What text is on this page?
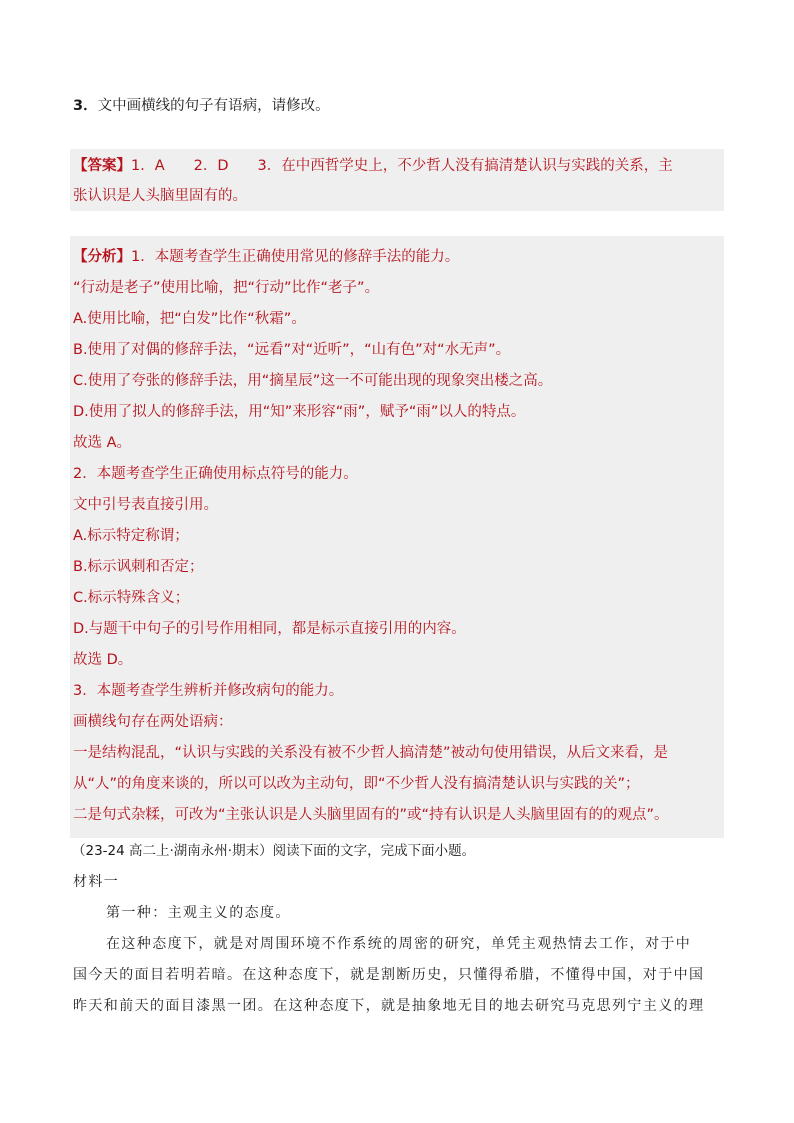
3．文中画横线的句子有语病，请修改。
【答案】1．A　　2．D　　3．在中西哲学史上，不少哲人没有搞清楚认识与实践的关系，主
张认识是人头脑里固有的。
【分析】1．本题考查学生正确使用常见的修辞手法的能力。
“行动是老子”使用比喻，把“行动”比作“老子”。
A.使用比喻，把“白发”比作“秋霜”。
B.使用了对偶的修辞手法，“远看”对“近听”，“山有色”对“水无声”。
C.使用了夸张的修辞手法，用“摘星辰”这一不可能出现的现象突出楼之高。
D.使用了拟人的修辞手法，用“知”来形容“雨”，赋予“雨”以人的特点。
故选 A。
2．本题考查学生正确使用标点符号的能力。
文中引号表直接引用。
A.标示特定称谓；
B.标示讽刺和否定；
C.标示特殊含义；
D.与题干中句子的引号作用相同，都是标示直接引用的内容。
故选 D。
3．本题考查学生辨析并修改病句的能力。
画横线句存在两处语病：
一是结构混乱，“认识与实践的关系没有被不少哲人搞清楚”被动句使用错误，从后文来看，是
从“人”的角度来谈的，所以可以改为主动句，即“不少哲人没有搞清楚认识与实践的关”；
二是句式杂糅，可改为“主张认识是人头脑里固有的”或“持有认识是人头脑里固有的的观点”。
（23-24 高二上·湖南永州·期末）阅读下面的文字，完成下面小题。
材料一
第一种：主观主义的态度。
在这种态度下，就是对周围环境不作系统的周密的研究，单凭主观热情去工作，对于中
国今天的面目若明若暗。在这种态度下，就是割断历史，只懂得希腊，不懂得中国，对于中国
昨天和前天的面目漆黑一团。在这种态度下，就是抽象地无目的地去研究马克思列宁主义的理
